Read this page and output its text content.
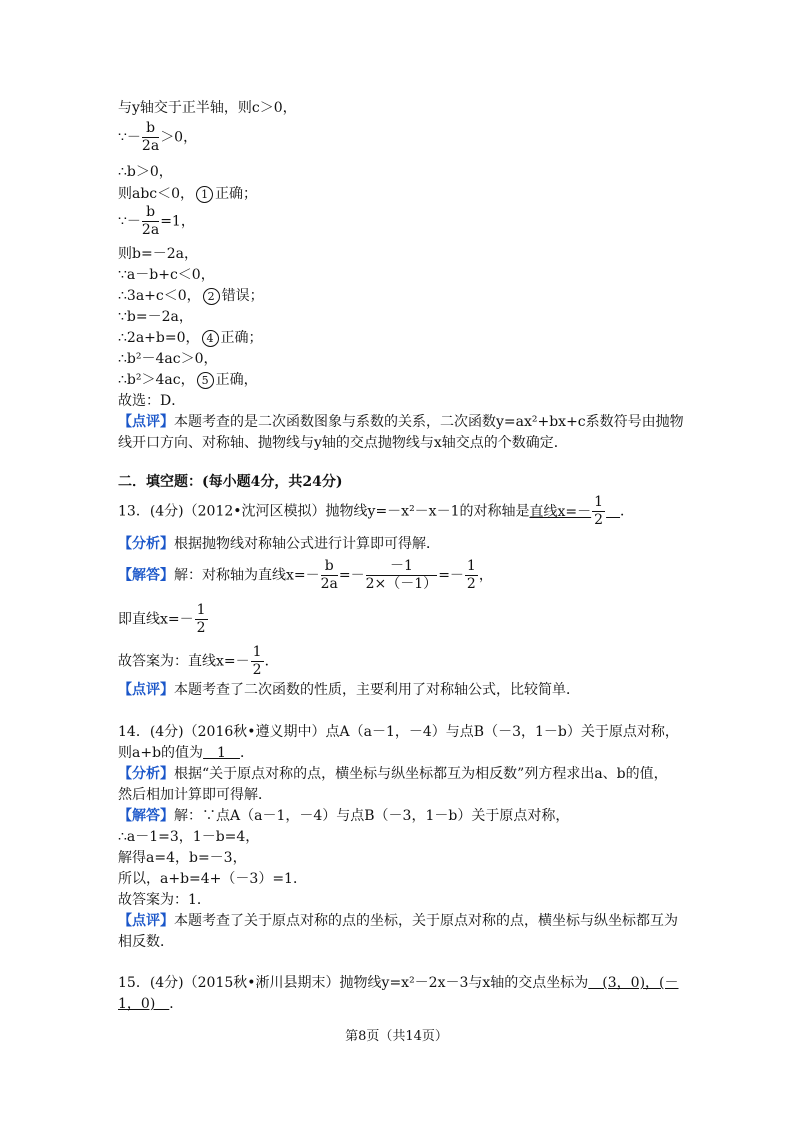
与y轴交于正半轴，则c＞0，
∵－ $\frac{b}{2a} >0$，
∴b＞0，
则abc＜0， 1 正确；
∵－ $\frac{b}{2a} =1$，
则b=－2a，
∵a－b+c＜0，
∴3a+c＜0， 2 错误；
∵b=－2a，
∴2a+b=0， 4 正确；
∴b²－4ac＞0，
∴b²＞4ac， 5 正确，
故选：D．
【点评】本题考查的是二次函数图象与系数的关系，二次函数y=ax²+bx+c系数符号由抛物
线开口方向、对称轴、抛物线与y轴的交点抛物线与x轴交点的个数确定．
二．填空题：(每小题4分，共24分)
13．(4分)（2012•沈河区模拟）抛物线y=－x²－x－1的对称轴是直线$x=- \frac{1}{2}$
　 ．
【分析】根据抛物线对称轴公式进行计算即可得解．
【解答】解：对称轴为直线$x=- \frac{b}{2a} =- \frac{-1}{2\times(-1)} =- \frac{1}{2}$ ，
即直线$x=- \frac{1}{2}$
故答案为：直线$x=- \frac{1}{2}$ ．
【点评】本题考查了二次函数的性质，主要利用了对称轴公式，比较简单．
14．(4分)（2016秋•遵义期中）点A（a－1，－4）与点B（－3，1－b）关于原点对称，
则a+b的值为　1　．
【分析】根据“关于原点对称的点，横坐标与纵坐标都互为相反数”列方程求出a、b的值，
然后相加计算即可得解．
【解答】解：∵点A（a－1，－4）与点B（－3，1－b）关于原点对称，
∴a－1=3，1－b=4，
解得a=4，b=－3，
所以，a+b=4+（－3）=1．
故答案为：1．
【点评】本题考查了关于原点对称的点的坐标，关于原点对称的点，横坐标与纵坐标都互为
相反数．
15．(4分)（2015秋•淅川县期末）抛物线y=x²－2x－3与x轴的交点坐标为　(3，0)，(－
1，0)　．
第8页（共14页）
